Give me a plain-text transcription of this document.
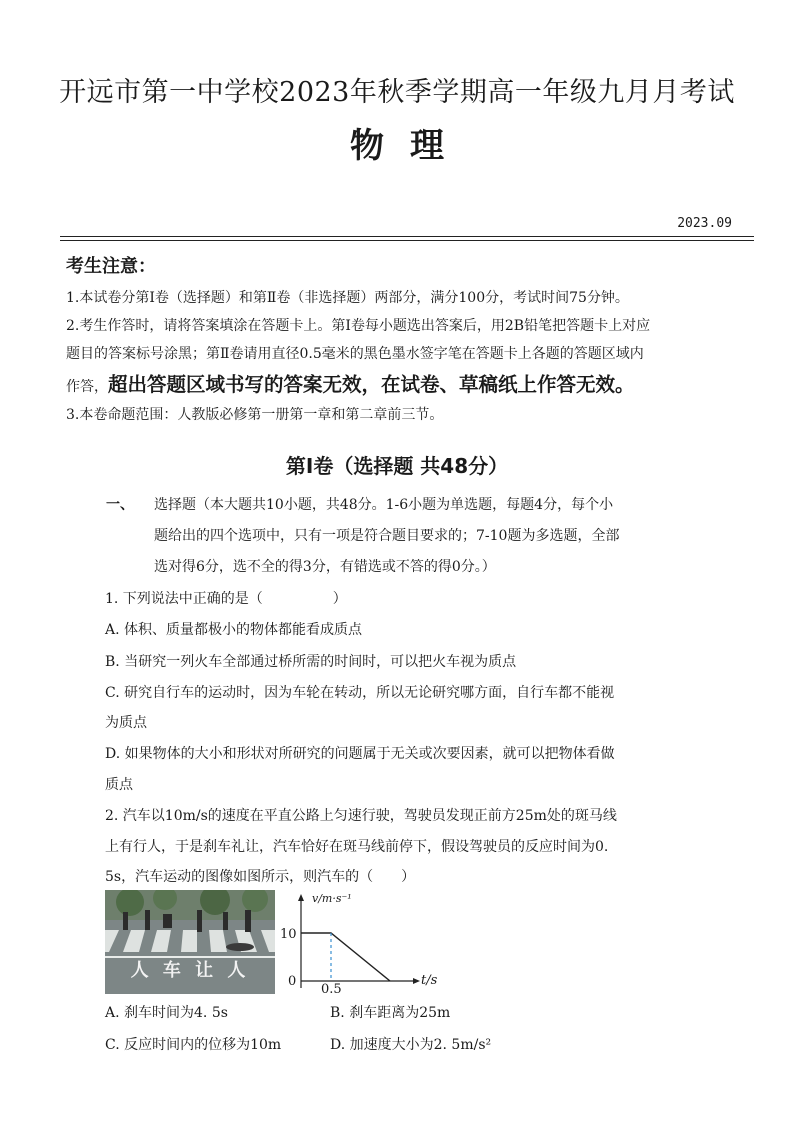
开远市第一中学校2023年秋季学期高一年级九月月考试
物理
2023.09
考生注意：
1.本试卷分第Ⅰ卷（选择题）和第Ⅱ卷（非选择题）两部分，满分100分，考试时间75分钟。
2.考生作答时，请将答案填涂在答题卡上。第Ⅰ卷每小题选出答案后，用2B铅笔把答题卡上对应
题目的答案标号涂黑；第Ⅱ卷请用直径0.5毫米的黑色墨水签字笔在答题卡上各题的答题区域内
作答，超出答题区域书写的答案无效，在试卷、草稿纸上作答无效。
3.本卷命题范围：人教版必修第一册第一章和第二章前三节。
第Ⅰ卷（选择题 共48分）
一、 选择题（本大题共10小题，共48分。1-6小题为单选题，每题4分，每个小
题给出的四个选项中，只有一项是符合题目要求的；7-10题为多选题，全部
选对得6分，选不全的得3分，有错选或不答的得0分。）
1. 下列说法中正确的是（　　　　　）
A. 体积、质量都极小的物体都能看成质点
B. 当研究一列火车全部通过桥所需的时间时，可以把火车视为质点
C. 研究自行车的运动时，因为车轮在转动，所以无论研究哪方面，自行车都不能视
为质点
D. 如果物体的大小和形状对所研究的问题属于无关或次要因素，就可以把物体看做
质点
2. 汽车以10m/s的速度在平直公路上匀速行驶，驾驶员发现正前方25m处的斑马线
上有行人，于是刹车礼让，汽车恰好在斑马线前停下，假设驾驶员的反应时间为0.
5s，汽车运动的图像如图所示，则汽车的（　　）
人 车 让 人
v/m·s⁻¹
10
0
0.5
t/s
A. 刹车时间为4. 5s	B. 刹车距离为25m
C. 反应时间内的位移为10m	D. 加速度大小为2. 5m/s²
